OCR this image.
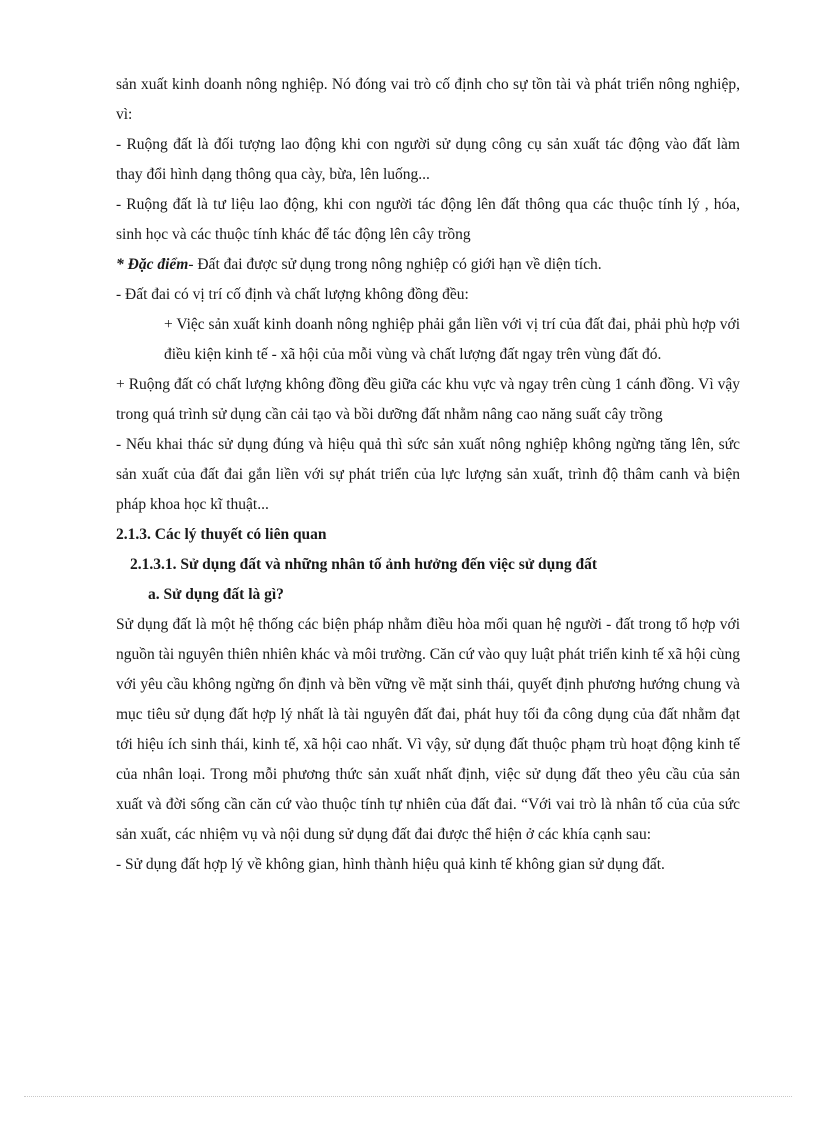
sản xuất kinh doanh nông nghiệp. Nó đóng vai trò cố định cho sự tồn tài và phát triển nông nghiệp, vì:

- Ruộng đất là đối tượng lao động khi con người sử dụng công cụ sản xuất tác động vào đất làm thay đổi hình dạng thông qua cày, bừa, lên luống...

- Ruộng đất là tư liệu lao động, khi con người tác động lên đất thông qua các thuộc tính lý , hóa, sinh học và các thuộc tính khác để tác động lên cây trồng

* Đặc điểm- Đất đai được sử dụng trong nông nghiệp có giới hạn về diện tích.

- Đất đai có vị trí cố định và chất lượng không đồng đều:

+ Việc sản xuất kinh doanh nông nghiệp phải gắn liền với vị trí của đất đai, phải phù hợp với điều kiện kinh tế - xã hội của mỗi vùng và chất lượng đất ngay trên vùng đất đó.

+ Ruộng đất có chất lượng không đồng đều giữa các khu vực và ngay trên cùng 1 cánh đồng. Vì vậy trong quá trình sử dụng cần cải tạo và bồi dưỡng đất nhằm nâng cao năng suất cây trồng

- Nếu khai thác sử dụng đúng và hiệu quả thì sức sản xuất nông nghiệp không ngừng tăng lên, sức sản xuất của đất đai gắn liền với sự phát triển của lực lượng sản xuất, trình độ thâm canh và biện pháp khoa học kĩ thuật...

2.1.3. Các lý thuyết có liên quan

2.1.3.1. Sử dụng đất và những nhân tố ảnh hưởng đến việc sử dụng đất

a. Sử dụng đất là gì?

Sử dụng đất là một hệ thống các biện pháp nhằm điều hòa mối quan hệ người - đất trong tổ hợp với nguồn tài nguyên thiên nhiên khác và môi trường. Căn cứ vào quy luật phát triển kinh tế xã hội cùng với yêu cầu không ngừng ổn định và bền vững về mặt sinh thái, quyết định phương hướng chung và mục tiêu sử dụng đất hợp lý nhất là tài nguyên đất đai, phát huy tối đa công dụng của đất nhằm đạt tới hiệu ích sinh thái, kinh tế, xã hội cao nhất. Vì vậy, sử dụng đất thuộc phạm trù hoạt động kinh tế của nhân loại. Trong mỗi phương thức sản xuất nhất định, việc sử dụng đất theo yêu cầu của sản xuất và đời sống cần căn cứ vào thuộc tính tự nhiên của đất đai. “Với vai trò là nhân tố của của sức sản xuất, các nhiệm vụ và nội dung sử dụng đất đai được thể hiện ở các khía cạnh sau:

- Sử dụng đất hợp lý về không gian, hình thành hiệu quả kinh tế không gian sử dụng đất.
